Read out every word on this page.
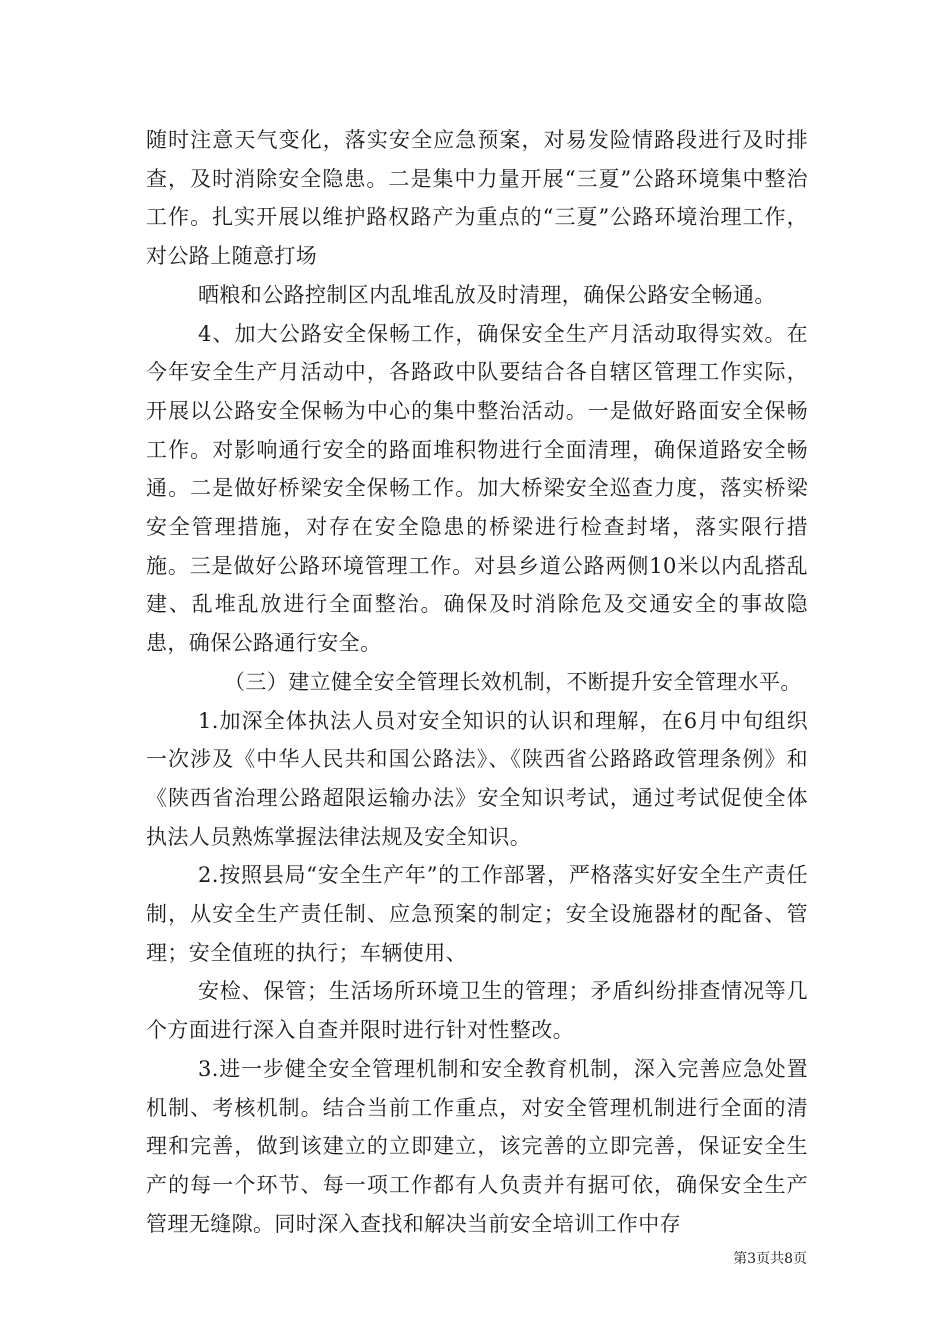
随时注意天气变化，落实安全应急预案，对易发险情路段进行及时排查，及时消除安全隐患。二是集中力量开展“三夏”公路环境集中整治工作。扎实开展以维护路权路产为重点的“三夏”公路环境治理工作，对公路上随意打场

晒粮和公路控制区内乱堆乱放及时清理，确保公路安全畅通。

4、加大公路安全保畅工作，确保安全生产月活动取得实效。在今年安全生产月活动中，各路政中队要结合各自辖区管理工作实际，开展以公路安全保畅为中心的集中整治活动。一是做好路面安全保畅工作。对影响通行安全的路面堆积物进行全面清理，确保道路安全畅通。二是做好桥梁安全保畅工作。加大桥梁安全巡查力度，落实桥梁安全管理措施，对存在安全隐患的桥梁进行检查封堵，落实限行措施。三是做好公路环境管理工作。对县乡道公路两侧10米以内乱搭乱建、乱堆乱放进行全面整治。确保及时消除危及交通安全的事故隐患，确保公路通行安全。

（三）建立健全安全管理长效机制，不断提升安全管理水平。

1.加深全体执法人员对安全知识的认识和理解，在6月中旬组织一次涉及《中华人民共和国公路法》、《陕西省公路路政管理条例》和《陕西省治理公路超限运输办法》安全知识考试，通过考试促使全体执法人员熟炼掌握法律法规及安全知识。

2.按照县局“安全生产年”的工作部署，严格落实好安全生产责任制，从安全生产责任制、应急预案的制定；安全设施器材的配备、管理；安全值班的执行；车辆使用、

安检、保管；生活场所环境卫生的管理；矛盾纠纷排查情况等几个方面进行深入自查并限时进行针对性整改。

3.进一步健全安全管理机制和安全教育机制，深入完善应急处置机制、考核机制。结合当前工作重点，对安全管理机制进行全面的清理和完善，做到该建立的立即建立，该完善的立即完善，保证安全生产的每一个环节、每一项工作都有人负责并有据可依，确保安全生产管理无缝隙。同时深入查找和解决当前安全培训工作中存

第3页共8页
